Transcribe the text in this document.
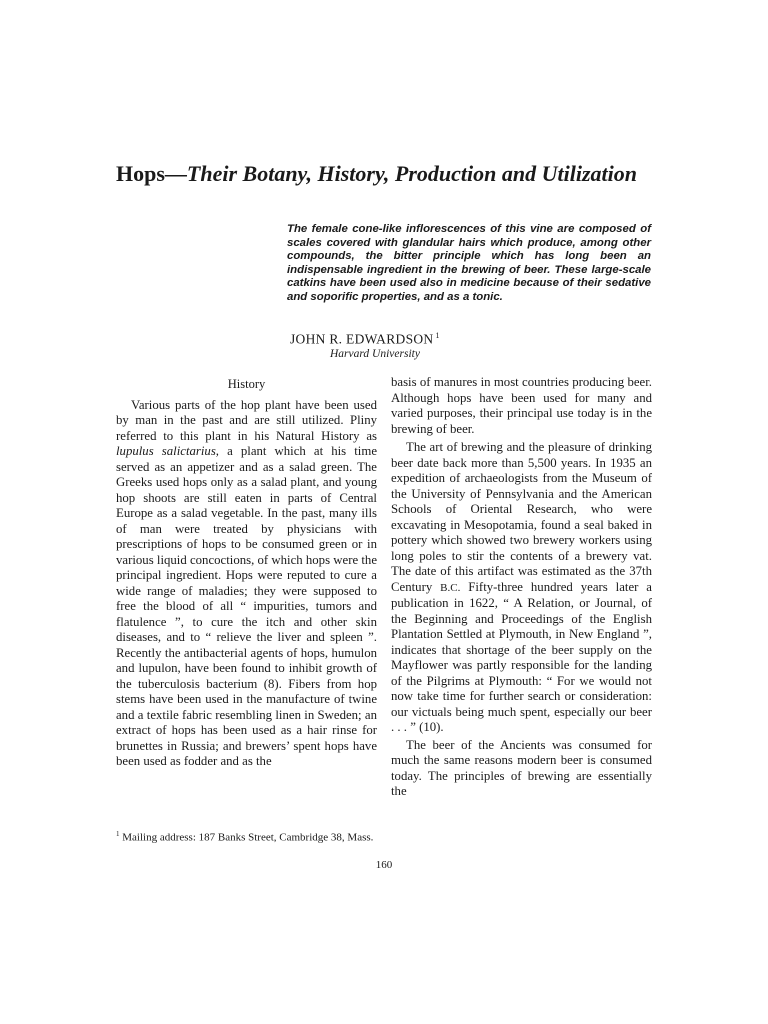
Hops—Their Botany, History, Production and Utilization

The female cone-like inflorescences of this vine are composed of scales covered with glandular hairs which produce, among other compounds, the bitter principle which has long been an indispensable ingredient in the brewing of beer. These large-scale catkins have been used also in medicine because of their sedative and soporific properties, and as a tonic.

JOHN R. EDWARDSON $^1$

Harvard University

History

Various parts of the hop plant have been used by man in the past and are still utilized. Pliny referred to this plant in his Natural History as lupulus salictarius, a plant which at his time served as an appetizer and as a salad green. The Greeks used hops only as a salad plant, and young hop shoots are still eaten in parts of Central Europe as a salad vegetable. In the past, many ills of man were treated by physicians with prescriptions of hops to be consumed green or in various liquid concoctions, of which hops were the principal ingredient. Hops were reputed to cure a wide range of maladies; they were supposed to free the blood of all “ impurities, tumors and flatulence ”, to cure the itch and other skin diseases, and to “ relieve the liver and spleen ”. Recently the antibacterial agents of hops, humulon and lupulon, have been found to inhibit growth of the tuberculosis bacterium (8). Fibers from hop stems have been used in the manufacture of twine and a textile fabric resembling linen in Sweden; an extract of hops has been used as a hair rinse for brunettes in Russia; and brewers’ spent hops have been used as fodder and as the

basis of manures in most countries producing beer. Although hops have been used for many and varied purposes, their principal use today is in the brewing of beer.

The art of brewing and the pleasure of drinking beer date back more than 5,500 years. In 1935 an expedition of archaeologists from the Museum of the University of Pennsylvania and the American Schools of Oriental Research, who were excavating in Mesopotamia, found a seal baked in pottery which showed two brewery workers using long poles to stir the contents of a brewery vat. The date of this artifact was estimated as the 37th Century B.C. Fifty-three hundred years later a publication in 1622, “ A Relation, or Journal, of the Beginning and Proceedings of the English Plantation Settled at Plymouth, in New England ”, indicates that shortage of the beer supply on the Mayflower was partly responsible for the landing of the Pilgrims at Plymouth: “ For we would not now take time for further search or consideration: our victuals being much spent, especially our beer . . . ” (10).

The beer of the Ancients was consumed for much the same reasons modern beer is consumed today. The principles of brewing are essentially the

$^1$ Mailing address: 187 Banks Street, Cambridge 38, Mass.

160
